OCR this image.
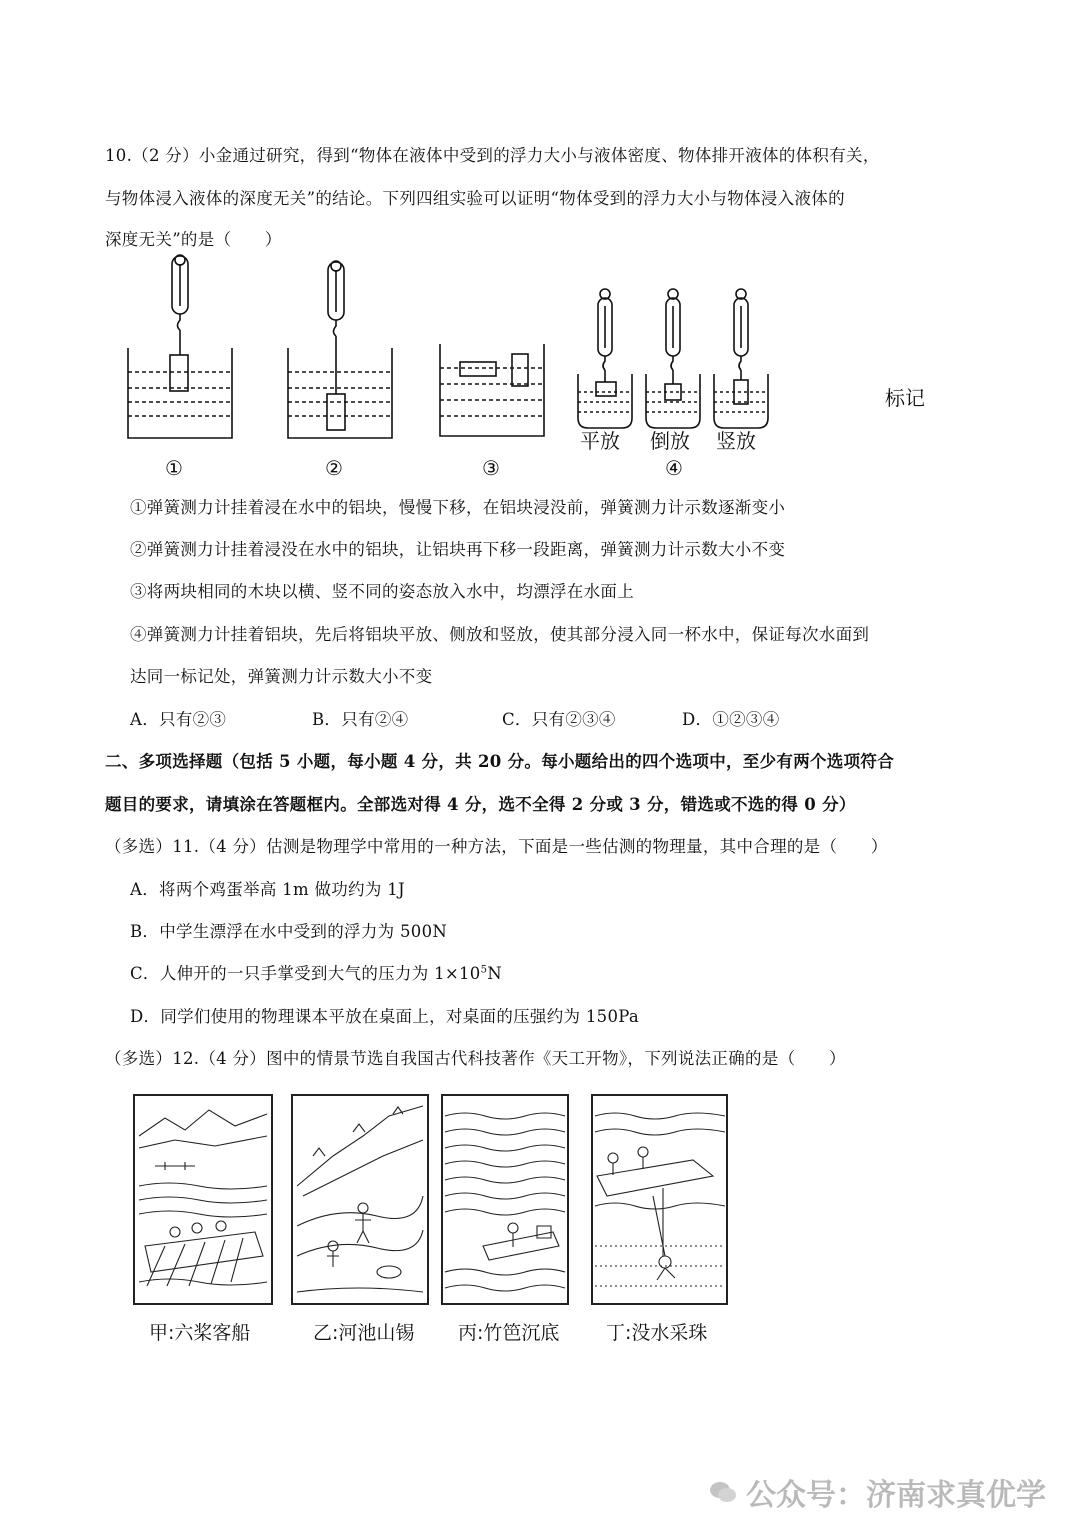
10.（2 分）小金通过研究，得到“物体在液体中受到的浮力大小与液体密度、物体排开液体的体积有关，
与物体浸入液体的深度无关”的结论。下列四组实验可以证明“物体受到的浮力大小与物体浸入液体的
深度无关”的是（　　）
标记
平放 倒放 竖放
①	②	③	④
①弹簧测力计挂着浸在水中的铝块，慢慢下移，在铝块浸没前，弹簧测力计示数逐渐变小
②弹簧测力计挂着浸没在水中的铝块，让铝块再下移一段距离，弹簧测力计示数大小不变
③将两块相同的木块以横、竖不同的姿态放入水中，均漂浮在水面上
④弹簧测力计挂着铝块，先后将铝块平放、侧放和竖放，使其部分浸入同一杯水中，保证每次水面到
达同一标记处，弹簧测力计示数大小不变
A．只有②③	B．只有②④	C．只有②③④	D．①②③④
二、多项选择题（包括 5 小题，每小题 4 分，共 20 分。每小题给出的四个选项中，至少有两个选项符合
题目的要求，请填涂在答题框内。全部选对得 4 分，选不全得 2 分或 3 分，错选或不选的得 0 分）
（多选）11.（4 分）估测是物理学中常用的一种方法，下面是一些估测的物理量，其中合理的是（　　）
A．将两个鸡蛋举高 1m 做功约为 1J
B．中学生漂浮在水中受到的浮力为 500N
C．人伸开的一只手掌受到大气的压力为 $1\times 10^5N$
D．同学们使用的物理课本平放在桌面上，对桌面的压强约为 150Pa
（多选）12.（4 分）图中的情景节选自我国古代科技著作《天工开物》，下列说法正确的是（　　）
甲:六桨客船	乙:河池山锡 丙:竹笆沉底 丁:没水采珠
公众号：济南求真优学
